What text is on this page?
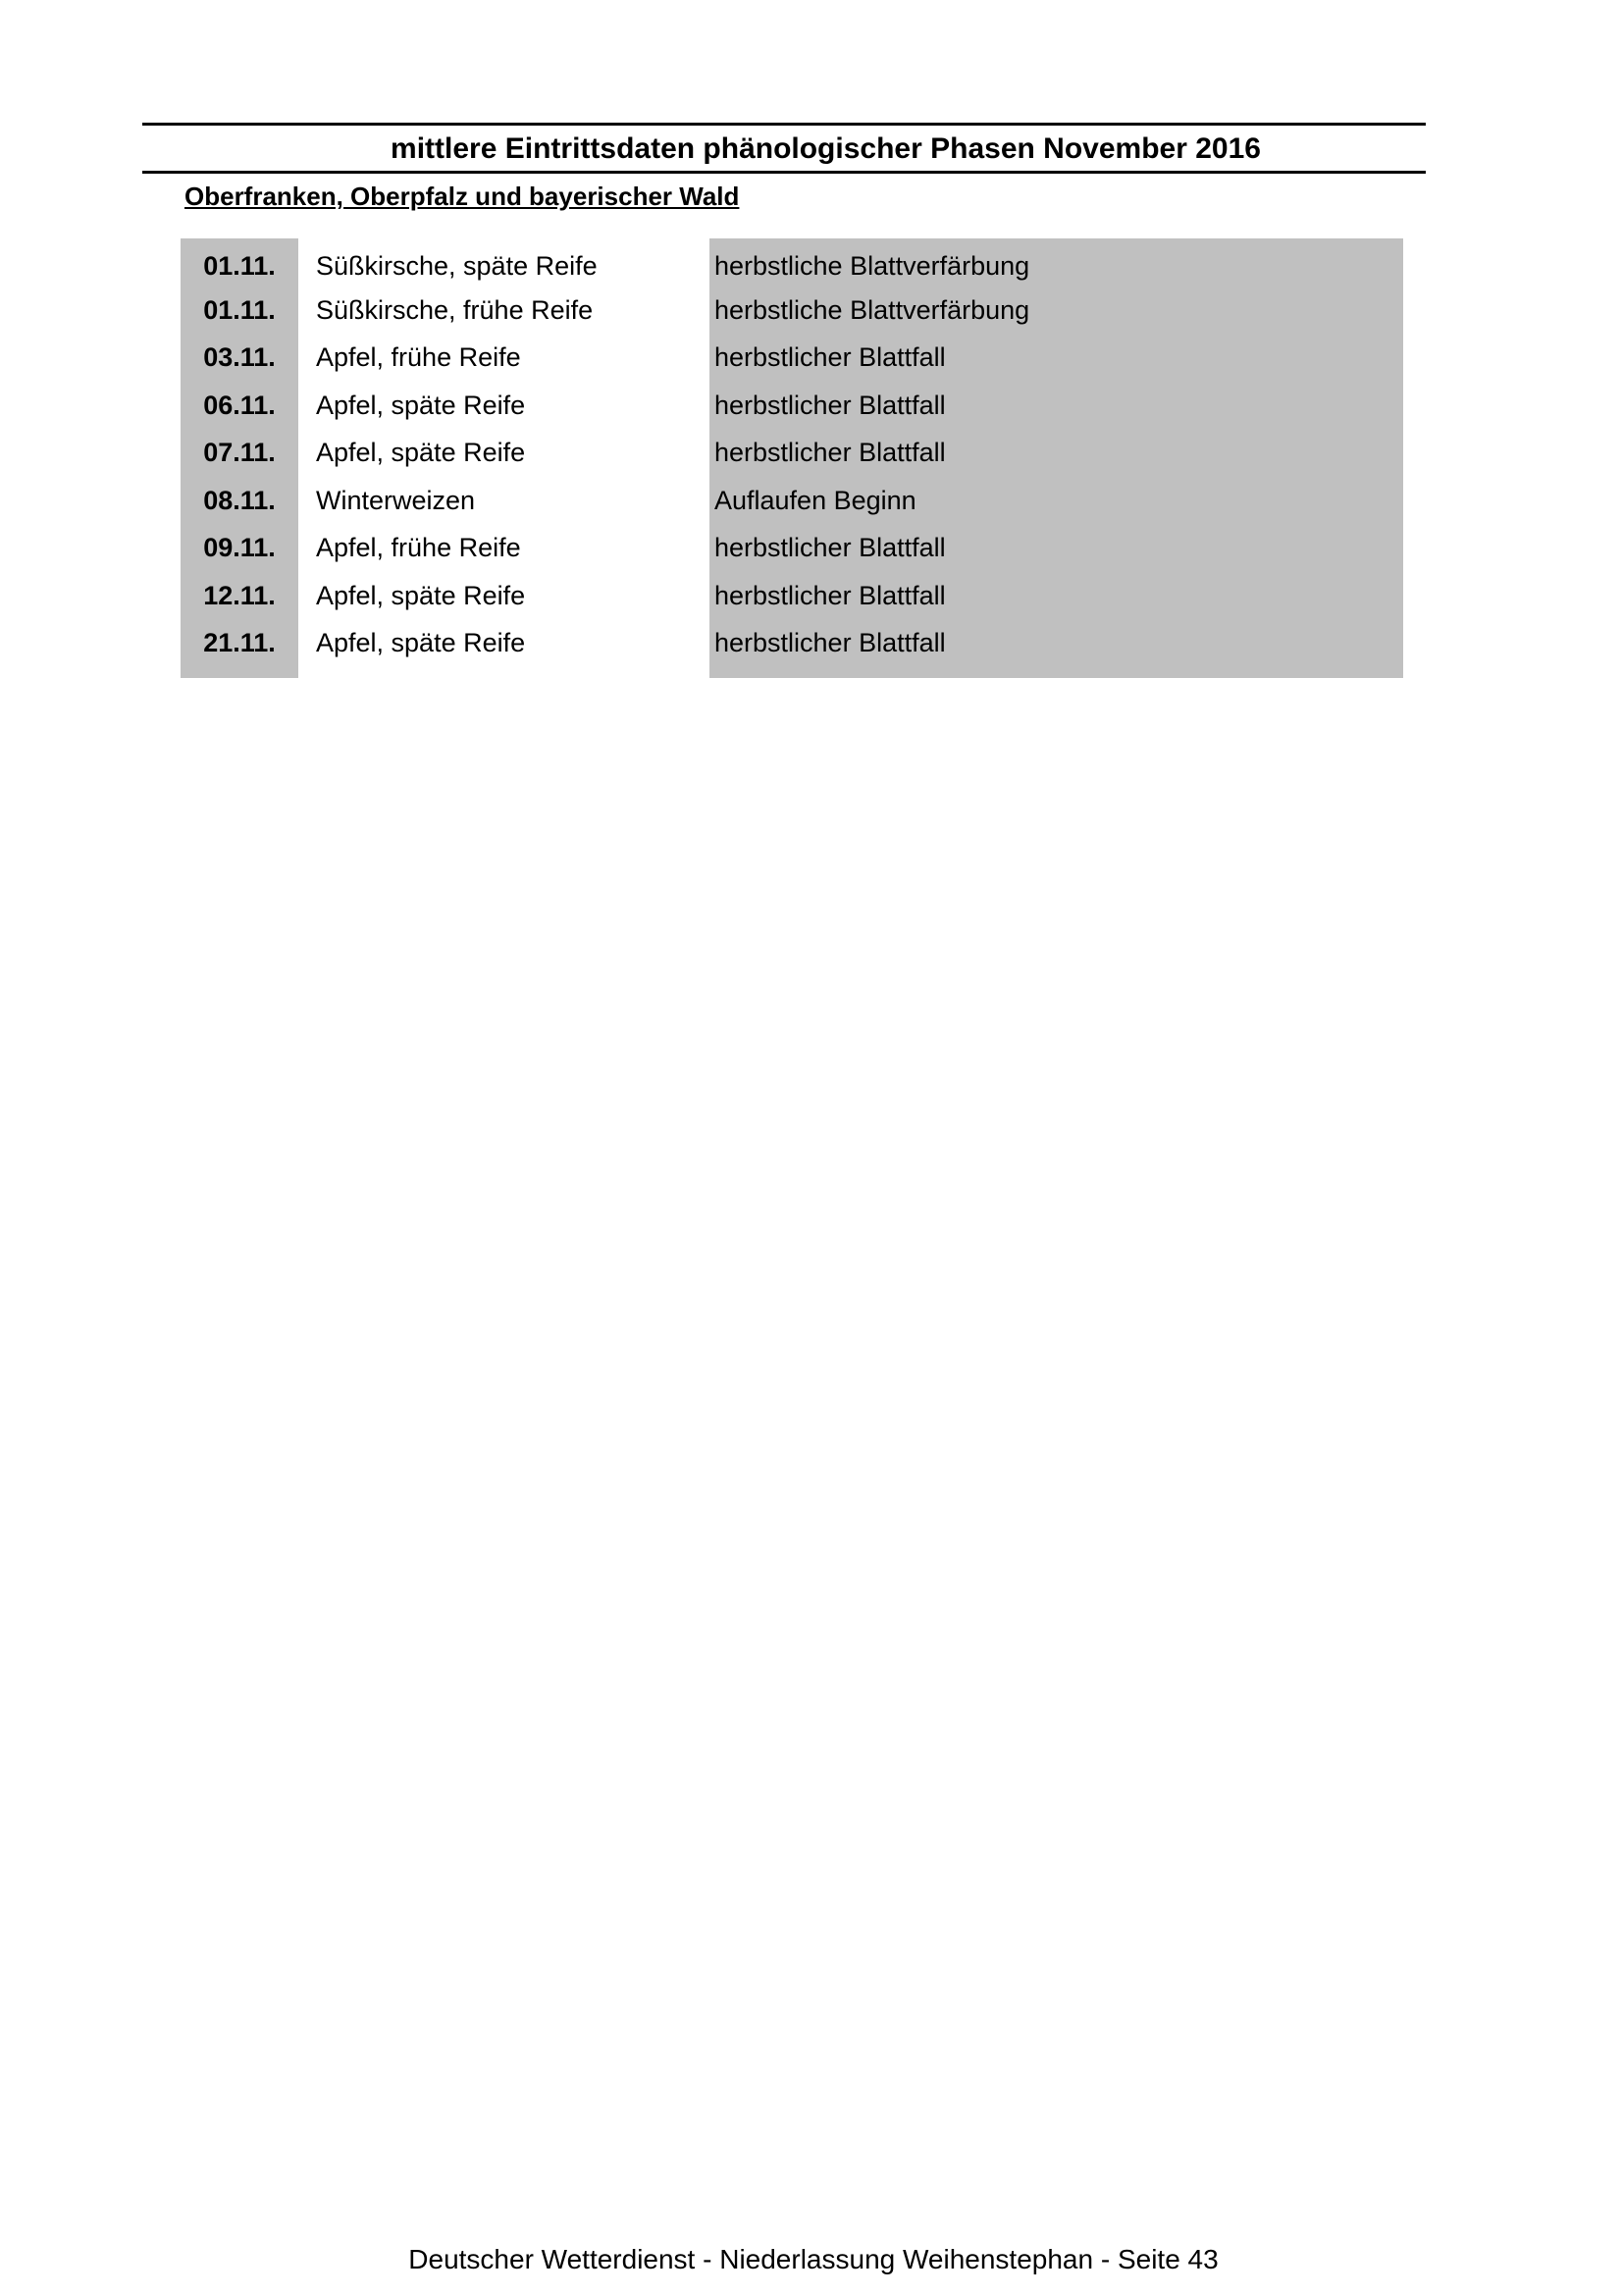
mittlere Eintrittsdaten phänologischer Phasen November 2016
Oberfranken, Oberpfalz und bayerischer Wald
01.11.	Süßkirsche, späte Reife	herbstliche Blattverfärbung
01.11.	Süßkirsche, frühe Reife	herbstliche Blattverfärbung
03.11.	Apfel, frühe Reife	herbstlicher Blattfall
06.11.	Apfel, späte Reife	herbstlicher Blattfall
07.11.	Apfel, späte Reife	herbstlicher Blattfall
08.11.	Winterweizen	Auflaufen Beginn
09.11.	Apfel, frühe Reife	herbstlicher Blattfall
12.11.	Apfel, späte Reife	herbstlicher Blattfall
21.11.	Apfel, späte Reife	herbstlicher Blattfall
Deutscher Wetterdienst - Niederlassung Weihenstephan - Seite 43
